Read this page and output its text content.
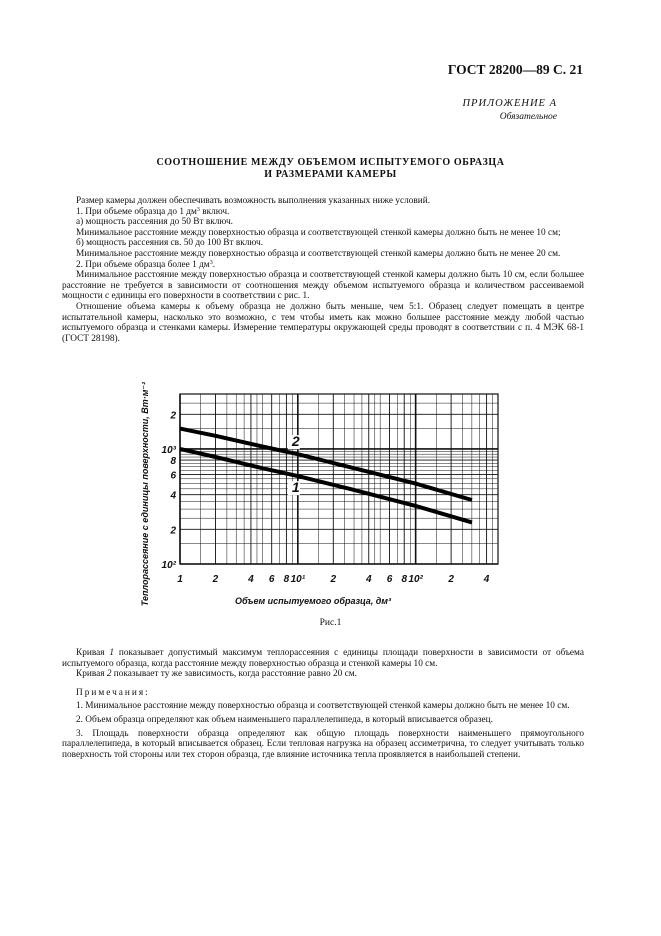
ГОСТ 28200—89 С. 21
ПРИЛОЖЕНИЕ А
Обязательное
СООТНОШЕНИЕ МЕЖДУ ОБЪЕМОМ ИСПЫТУЕМОГО ОБРАЗЦА
И РАЗМЕРАМИ КАМЕРЫ

Размер камеры должен обеспечивать возможность выполнения указанных ниже условий.

1. При объеме образца до 1 $дм^3$ включ.

а) мощность рассеяния до 50 Вт включ.

Минимальное расстояние между поверхностью образца и соответствующей стенкой камеры должно быть не менее 10 см;

б) мощность рассеяния св. 50 до 100 Вт включ.

Минимальное расстояние между поверхностью образца и соответствующей стенкой камеры должно быть не менее 20 см.

2. При объеме образца более 1 $дм^3$.

Минимальное расстояние между поверхностью образца и соответствующей стенкой камеры должно быть 10 см, если большее расстояние не требуется в зависимости от соотношения между объемом испытуемого образца и количеством рассеиваемой мощности с единицы его поверхности в соответствии с рис. 1.

Отношение объема камеры к объему образца не должно быть меньше, чем 5:1. Образец следует помещать в центре испытательной камеры, насколько это возможно, с тем чтобы иметь как можно большее расстояние между любой частью испытуемого образца и стенками камеры. Измерение температуры окружающей среды проводят в соответствии с п. 4 МЭК 68-1 (ГОСТ 28198).

1
2
1	2	4 6 8 10¹	2	4 6 8 10²	2	4
10²
2
4
6
8
10³
2
Объем испытуемого образца, дм³
Теплорассеяние с единицы поверхности, Вт·м⁻²
Рис.1

Кривая 1 показывает допустимый максимум теплорассеяния с единицы площади поверхности в зависимости от объема испытуемого образца, когда расстояние между поверхностью образца и стенкой камеры 10 см.

Кривая 2 показывает ту же зависимость, когда расстояние равно 20 см.

Примечания:

1. Минимальное расстояние между поверхностью образца и соответствующей стенкой камеры должно быть не менее 10 см.

2. Объем образца определяют как объем наименьшего параллелепипеда, в который вписывается образец.

3. Площадь поверхности образца определяют как общую площадь поверхности наименьшего прямоугольного параллелепипеда, в который вписывается образец. Если тепловая нагрузка на образец ассиметрична, то следует учитывать только поверхность той стороны или тех сторон образца, где влияние источника тепла проявляется в наибольшей степени.
